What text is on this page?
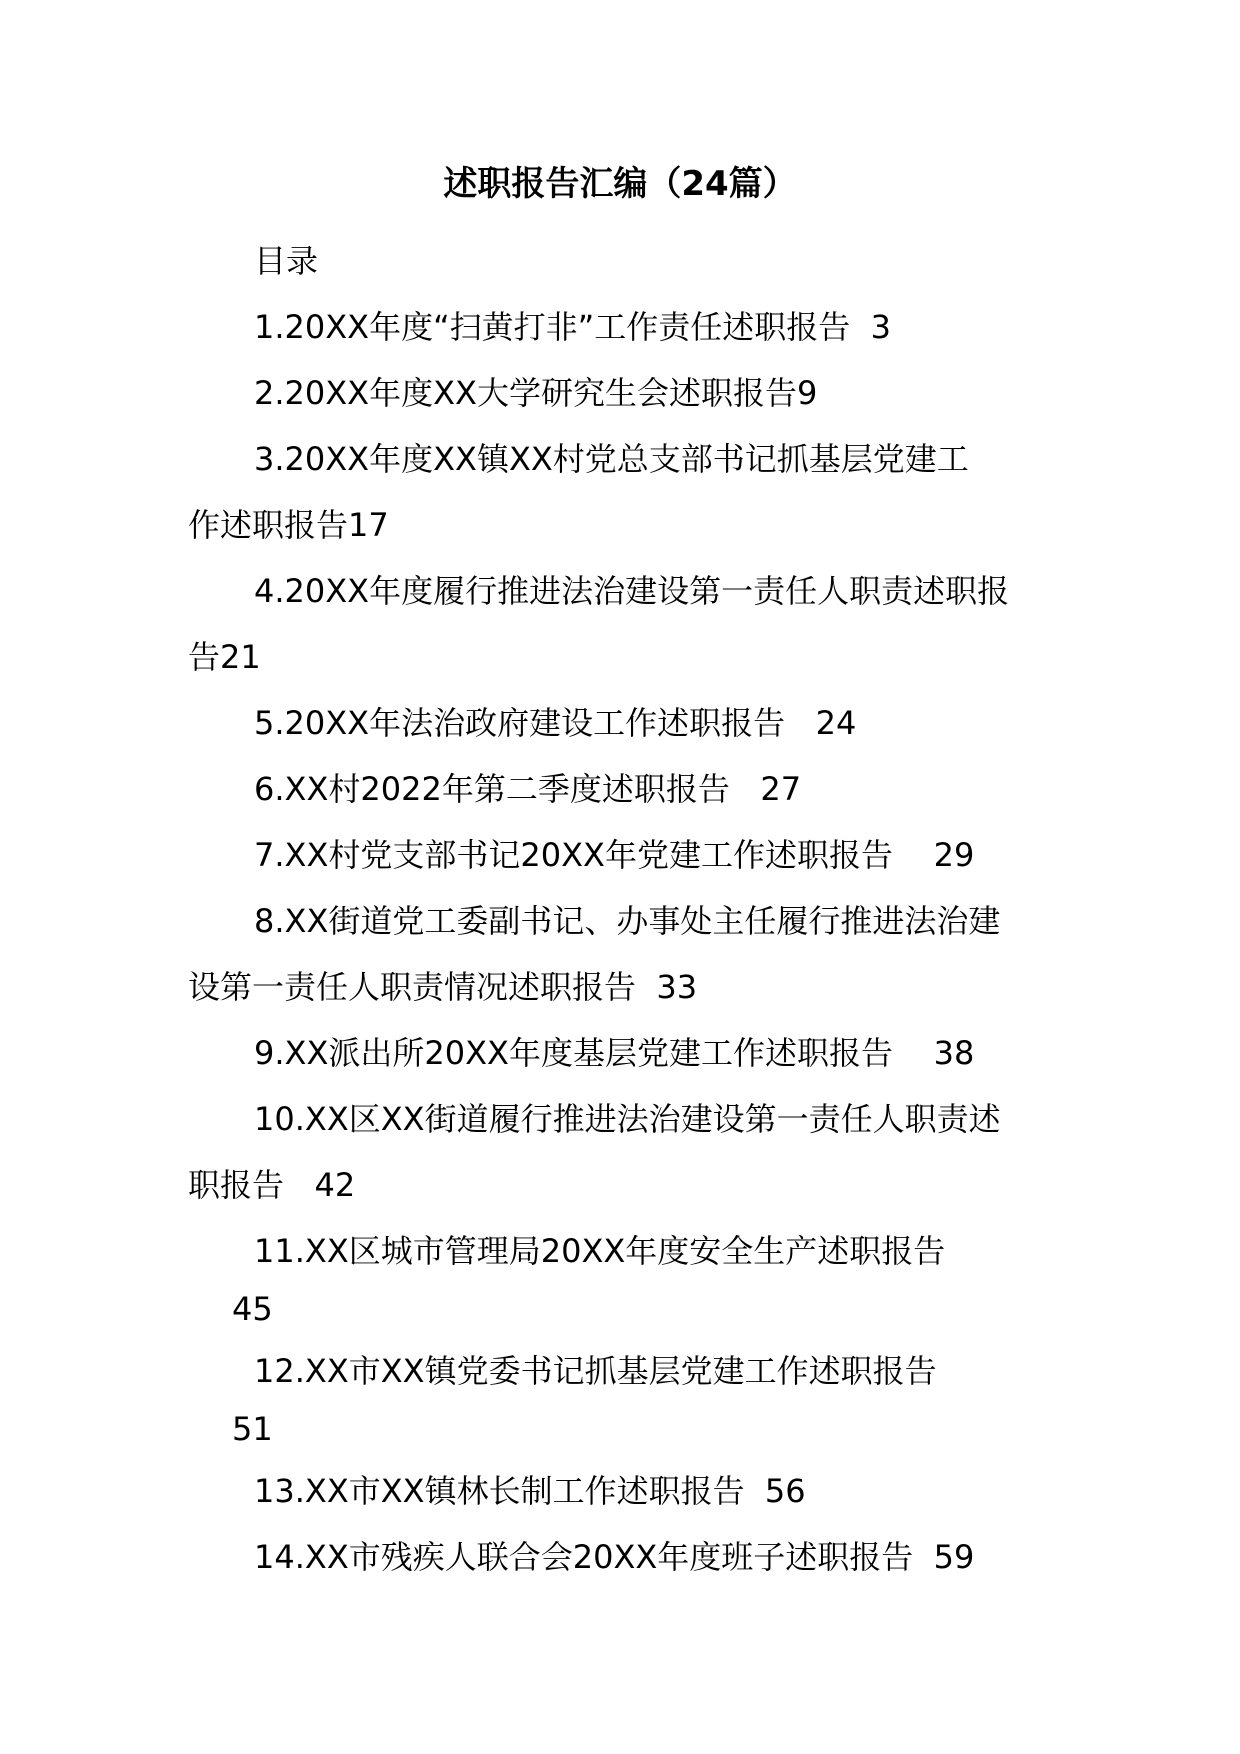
述职报告汇编（24篇）
目录
1.20XX年度“扫黄打非”工作责任述职报告  3
2.20XX年度XX大学研究生会述职报告9
3.20XX年度XX镇XX村党总支部书记抓基层党建工
作述职报告17
4.20XX年度履行推进法治建设第一责任人职责述职报
告21
5.20XX年法治政府建设工作述职报告   24
6.XX村2022年第二季度述职报告   27
7.XX村党支部书记20XX年党建工作述职报告    29
8.XX街道党工委副书记、办事处主任履行推进法治建
设第一责任人职责情况述职报告  33
9.XX派出所20XX年度基层党建工作述职报告    38
10.XX区XX街道履行推进法治建设第一责任人职责述
职报告   42
11.XX区城市管理局20XX年度安全生产述职报告
45
12.XX市XX镇党委书记抓基层党建工作述职报告
51
13.XX市XX镇林长制工作述职报告  56
14.XX市残疾人联合会20XX年度班子述职报告  59
